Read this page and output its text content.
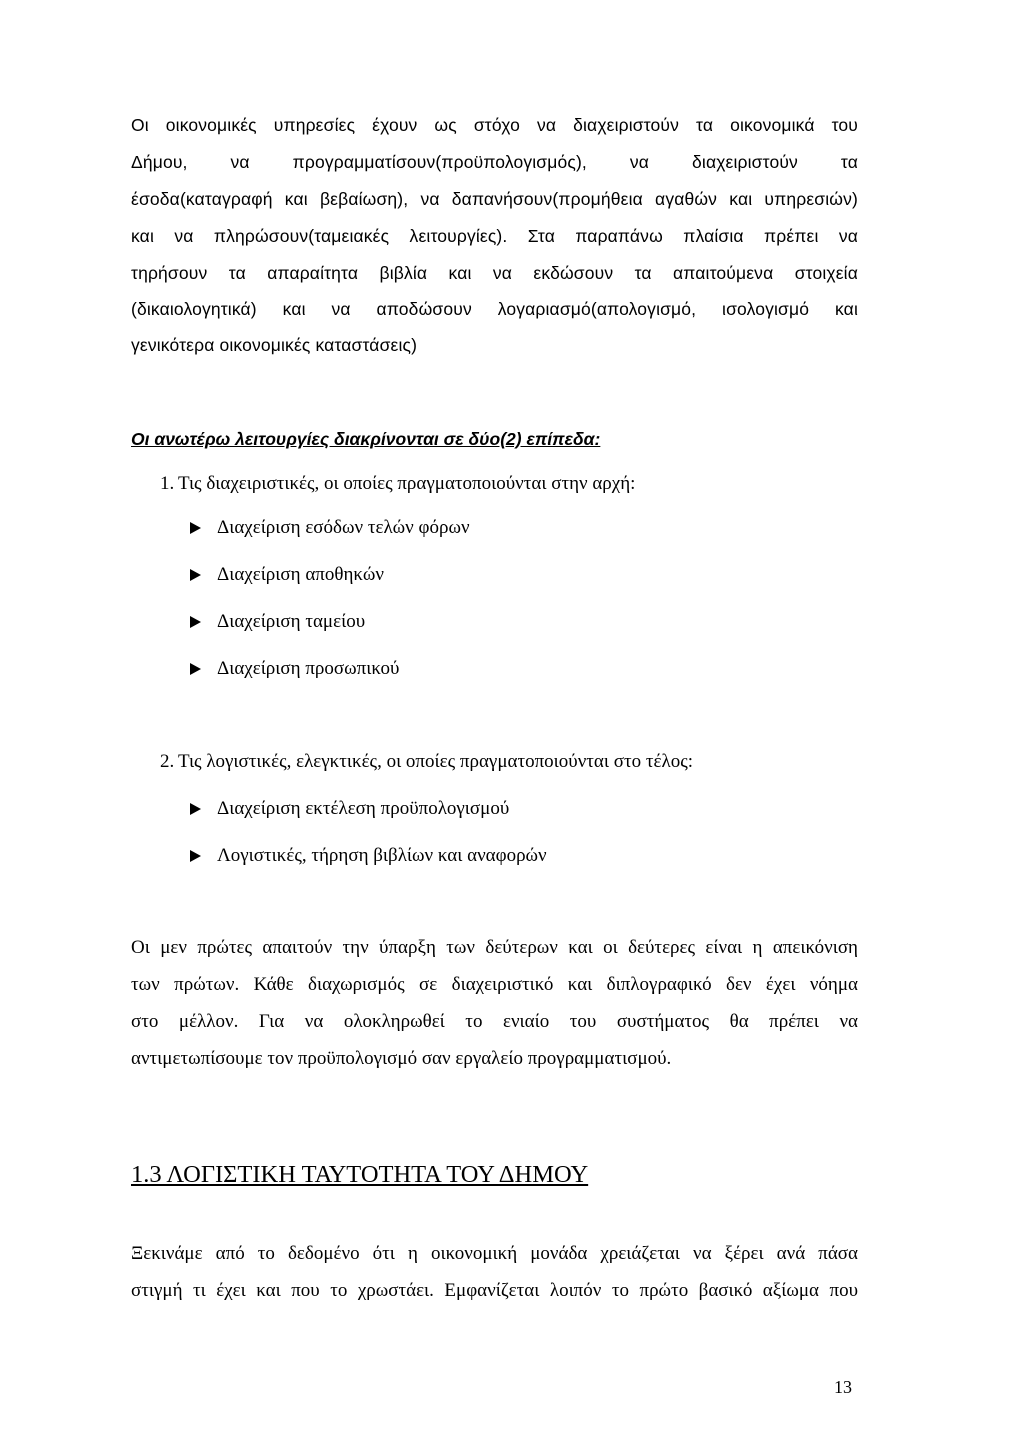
Οι οικονομικές υπηρεσίες έχουν ως στόχο να διαχειριστούν τα οικονομικά του
Δήμου, να προγραμματίσουν(προϋπολογισμός), να διαχειριστούν τα
έσοδα(καταγραφή και βεβαίωση), να δαπανήσουν(προμήθεια αγαθών και υπηρεσιών)
και να πληρώσουν(ταμειακές λειτουργίες). Στα παραπάνω πλαίσια πρέπει να
τηρήσουν τα απαραίτητα βιβλία και να εκδώσουν τα απαιτούμενα στοιχεία
(δικαιολογητικά) και να αποδώσουν λογαριασμό(απολογισμό, ισολογισμό και
γενικότερα οικονομικές καταστάσεις)
Οι ανωτέρω λειτουργίες διακρίνονται σε δύο(2) επίπεδα:
1. Τις διαχειριστικές, οι οποίες πραγματοποιούνται στην αρχή:
Διαχείριση εσόδων τελών φόρων
Διαχείριση αποθηκών
Διαχείριση ταμείου
Διαχείριση προσωπικού
2. Τις λογιστικές, ελεγκτικές, οι οποίες πραγματοποιούνται στο τέλος:
Διαχείριση εκτέλεση προϋπολογισμού
Λογιστικές, τήρηση βιβλίων και αναφορών
Οι μεν πρώτες απαιτούν την ύπαρξη των δεύτερων και οι δεύτερες είναι η απεικόνιση
των πρώτων. Κάθε διαχωρισμός σε διαχειριστικό και διπλογραφικό δεν έχει νόημα
στο μέλλον. Για να ολοκληρωθεί το ενιαίο του συστήματος θα πρέπει να
αντιμετωπίσουμε τον προϋπολογισμό σαν εργαλείο προγραμματισμού.
1.3 ΛΟΓΙΣΤΙΚΗ ΤΑΥΤΟΤΗΤΑ ΤΟΥ ΔΗΜΟΥ
Ξεκινάμε από το δεδομένο ότι η οικονομική μονάδα χρειάζεται να ξέρει ανά πάσα
στιγμή τι έχει και που το χρωστάει. Εμφανίζεται λοιπόν το πρώτο βασικό αξίωμα που
13
